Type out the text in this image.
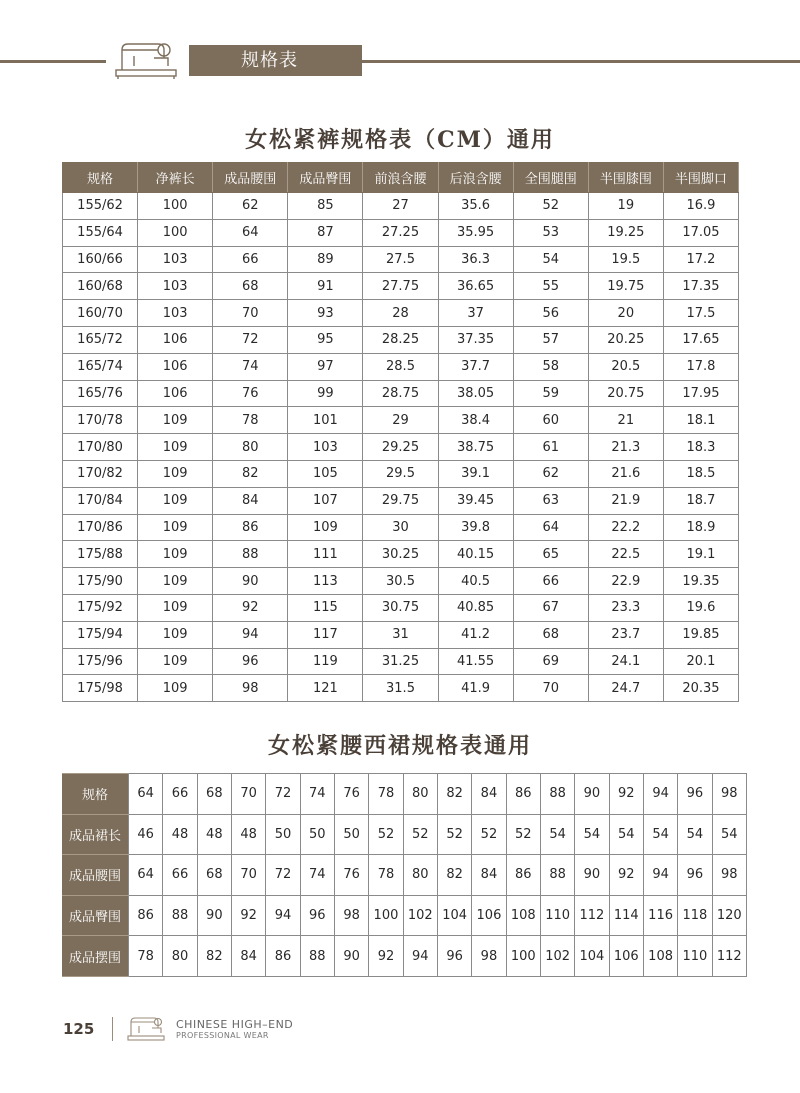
规格表
女松紧裤规格表（CM）通用
规格	净裤长	成品腰围	成品臀围	前浪含腰	后浪含腰	全围腿围	半围膝围	半围脚口
155/62	100	62	85	27	35.6	52	19	16.9
155/64	100	64	87	27.25	35.95	53	19.25	17.05
160/66	103	66	89	27.5	36.3	54	19.5	17.2
160/68	103	68	91	27.75	36.65	55	19.75	17.35
160/70	103	70	93	28	37	56	20	17.5
165/72	106	72	95	28.25	37.35	57	20.25	17.65
165/74	106	74	97	28.5	37.7	58	20.5	17.8
165/76	106	76	99	28.75	38.05	59	20.75	17.95
170/78	109	78	101	29	38.4	60	21	18.1
170/80	109	80	103	29.25	38.75	61	21.3	18.3
170/82	109	82	105	29.5	39.1	62	21.6	18.5
170/84	109	84	107	29.75	39.45	63	21.9	18.7
170/86	109	86	109	30	39.8	64	22.2	18.9
175/88	109	88	111	30.25	40.15	65	22.5	19.1
175/90	109	90	113	30.5	40.5	66	22.9	19.35
175/92	109	92	115	30.75	40.85	67	23.3	19.6
175/94	109	94	117	31	41.2	68	23.7	19.85
175/96	109	96	119	31.25	41.55	69	24.1	20.1
175/98	109	98	121	31.5	41.9	70	24.7	20.35
女松紧腰西裙规格表通用
规格	64	66	68	70	72	74	76	78	80	82	84	86	88	90	92	94	96	98
成品裙长	46	48	48	48	50	50	50	52	52	52	52	52	54	54	54	54	54	54
成品腰围	64	66	68	70	72	74	76	78	80	82	84	86	88	90	92	94	96	98
成品臀围	86	88	90	92	94	96	98	100	102	104	106	108	110	112	114	116	118	120
成品摆围	78	80	82	84	86	88	90	92	94	96	98	100	102	104	106	108	110	112
125	CHINESE HIGH–END
PROFESSIONAL WEAR
